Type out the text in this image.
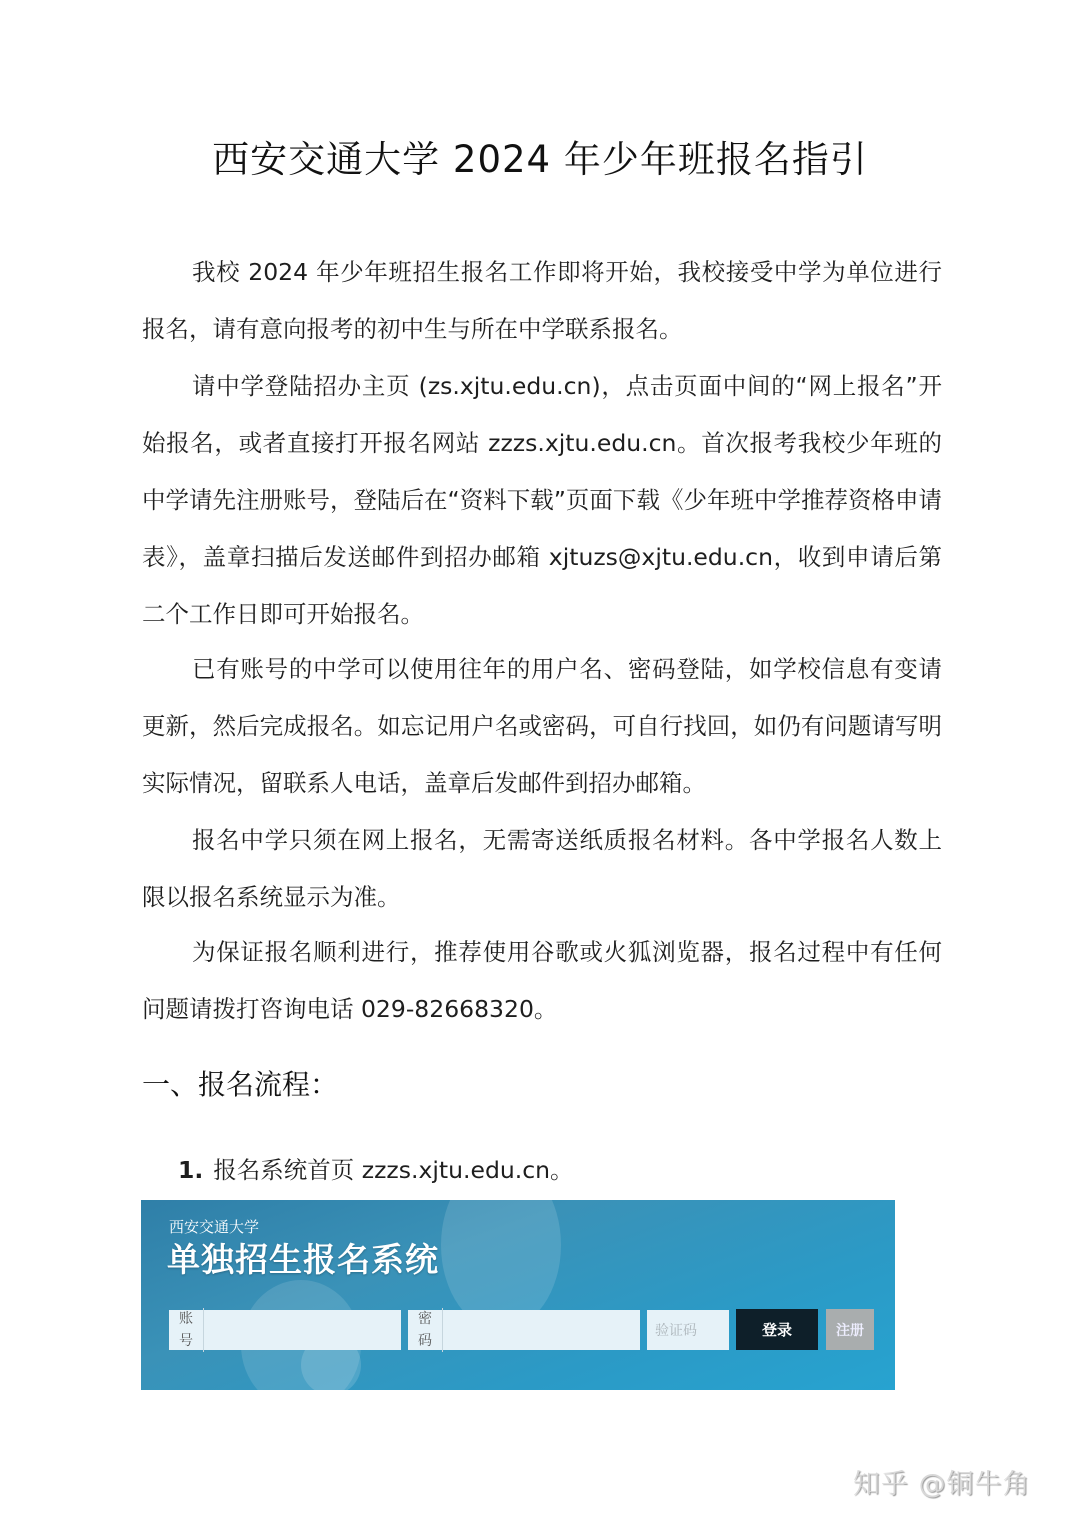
西安交通大学 2024 年少年班报名指引

我校 2024 年少年班招生报名工作即将开始，我校接受中学为单位进行报名，请有意向报考的初中生与所在中学联系报名。

请中学登陆招办主页 (zs.xjtu.edu.cn)，点击页面中间的“网上报名”开始报名，或者直接打开报名网站 zzzs.xjtu.edu.cn。首次报考我校少年班的中学请先注册账号，登陆后在“资料下载”页面下载《少年班中学推荐资格申请表》，盖章扫描后发送邮件到招办邮箱 xjtuzs@xjtu.edu.cn，收到申请后第二个工作日即可开始报名。

已有账号的中学可以使用往年的用户名、密码登陆，如学校信息有变请更新，然后完成报名。如忘记用户名或密码，可自行找回，如仍有问题请写明实际情况，留联系人电话，盖章后发邮件到招办邮箱。

报名中学只须在网上报名，无需寄送纸质报名材料。各中学报名人数上限以报名系统显示为准。

为保证报名顺利进行，推荐使用谷歌或火狐浏览器，报名过程中有任何问题请拨打咨询电话 029-82668320。

一、报名流程：
1. 报名系统首页 zzzs.xjtu.edu.cn。
西安交通大学
单独招生报名系统
账号
密码
验证码
登录	注册
知乎 @铜牛角
